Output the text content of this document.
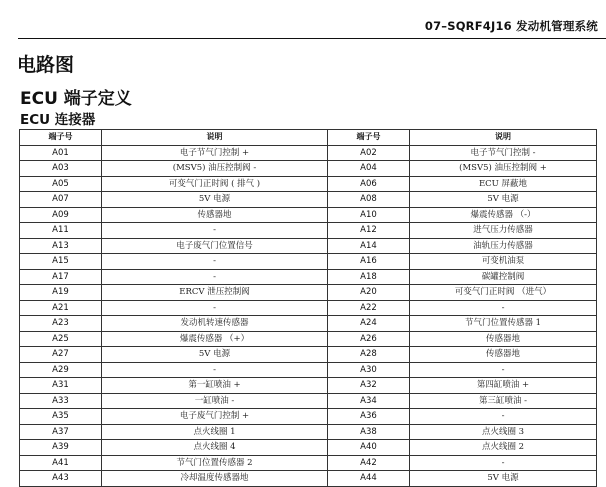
07–SQRF4J16 发动机管理系统
电路图
ECU 端子定义
ECU 连接器
端子号	说明	端子号	说明
A01	电子节气门控制 +	A02	电子节气门控制 -
A03	(MSV5) 油压控制阀 -	A04	(MSV5) 油压控制阀 +
A05	可变气门正时阀 ( 排气 )	A06	ECU 屏蔽地
A07	5V 电源	A08	5V 电源
A09	传感器地	A10	爆震传感器 （-）
A11	-	A12	进气压力传感器
A13	电子废气门位置信号	A14	油轨压力传感器
A15	-	A16	可变机油泵
A17	-	A18	碳罐控制阀
A19	ERCV 泄压控制阀	A20	可变气门正时阀 （进气）
A21	-	A22	-
A23	发动机转速传感器	A24	节气门位置传感器 1
A25	爆震传感器 （+）	A26	传感器地
A27	5V 电源	A28	传感器地
A29	-	A30	-
A31	第一缸喷油 +	A32	第四缸喷油 +
A33	一缸喷油 -	A34	第三缸喷油 -
A35	电子废气门控制 +	A36	-
A37	点火线圈 1	A38	点火线圈 3
A39	点火线圈 4	A40	点火线圈 2
A41	节气门位置传感器 2	A42	-
A43	冷却温度传感器地	A44	5V 电源
